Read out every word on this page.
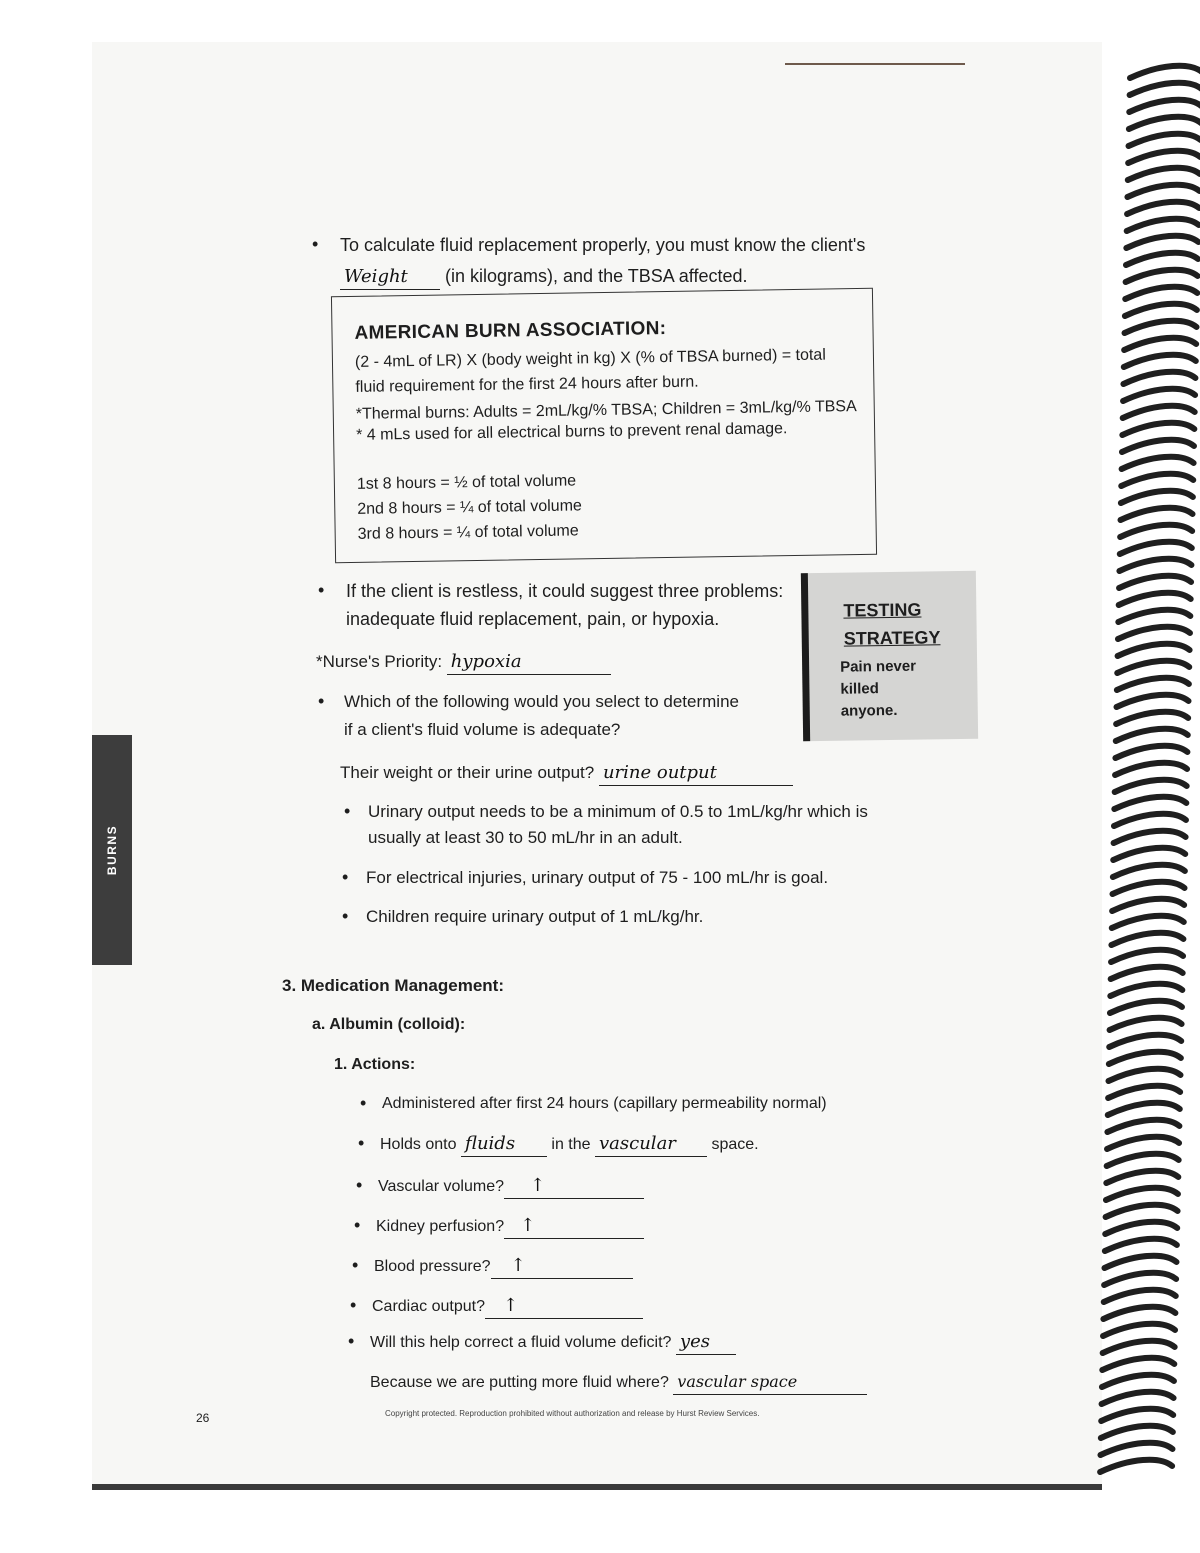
• To calculate fluid replacement properly, you must know the client's
Weight (in kilograms), and the TBSA affected.
AMERICAN BURN ASSOCIATION:
(2 - 4mL of LR) X (body weight in kg) X (% of TBSA burned) = total
fluid requirement for the first 24 hours after burn.
*Thermal burns: Adults = 2mL/kg/% TBSA; Children = 3mL/kg/% TBSA
* 4 mLs used for all electrical burns to prevent renal damage.
1st 8 hours = ½ of total volume
2nd 8 hours = ¼ of total volume
3rd 8 hours = ¼ of total volume
• If the client is restless, it could suggest three problems:
inadequate fluid replacement, pain, or hypoxia.
*Nurse's Priority: hypoxia
• Which of the following would you select to determine
if a client's fluid volume is adequate?
Their weight or their urine output? urine output
• Urinary output needs to be a minimum of 0.5 to 1mL/kg/hr which is
usually at least 30 to 50 mL/hr in an adult.
• For electrical injuries, urinary output of 75 - 100 mL/hr is goal.
• Children require urinary output of 1 mL/kg/hr.
TESTING
STRATEGY
Pain never
killed
anyone.
BURNS
3. Medication Management:
a. Albumin (colloid):
1. Actions:
• Administered after first 24 hours (capillary permeability normal)
• Holds onto fluids in the vascular space.
• Vascular volume? ↑
• Kidney perfusion? ↑
• Blood pressure? ↑
• Cardiac output? ↑
• Will this help correct a fluid volume deficit? yes
Because we are putting more fluid where? vascular space
26	Copyright protected. Reproduction prohibited without authorization and release by Hurst Review Services.
